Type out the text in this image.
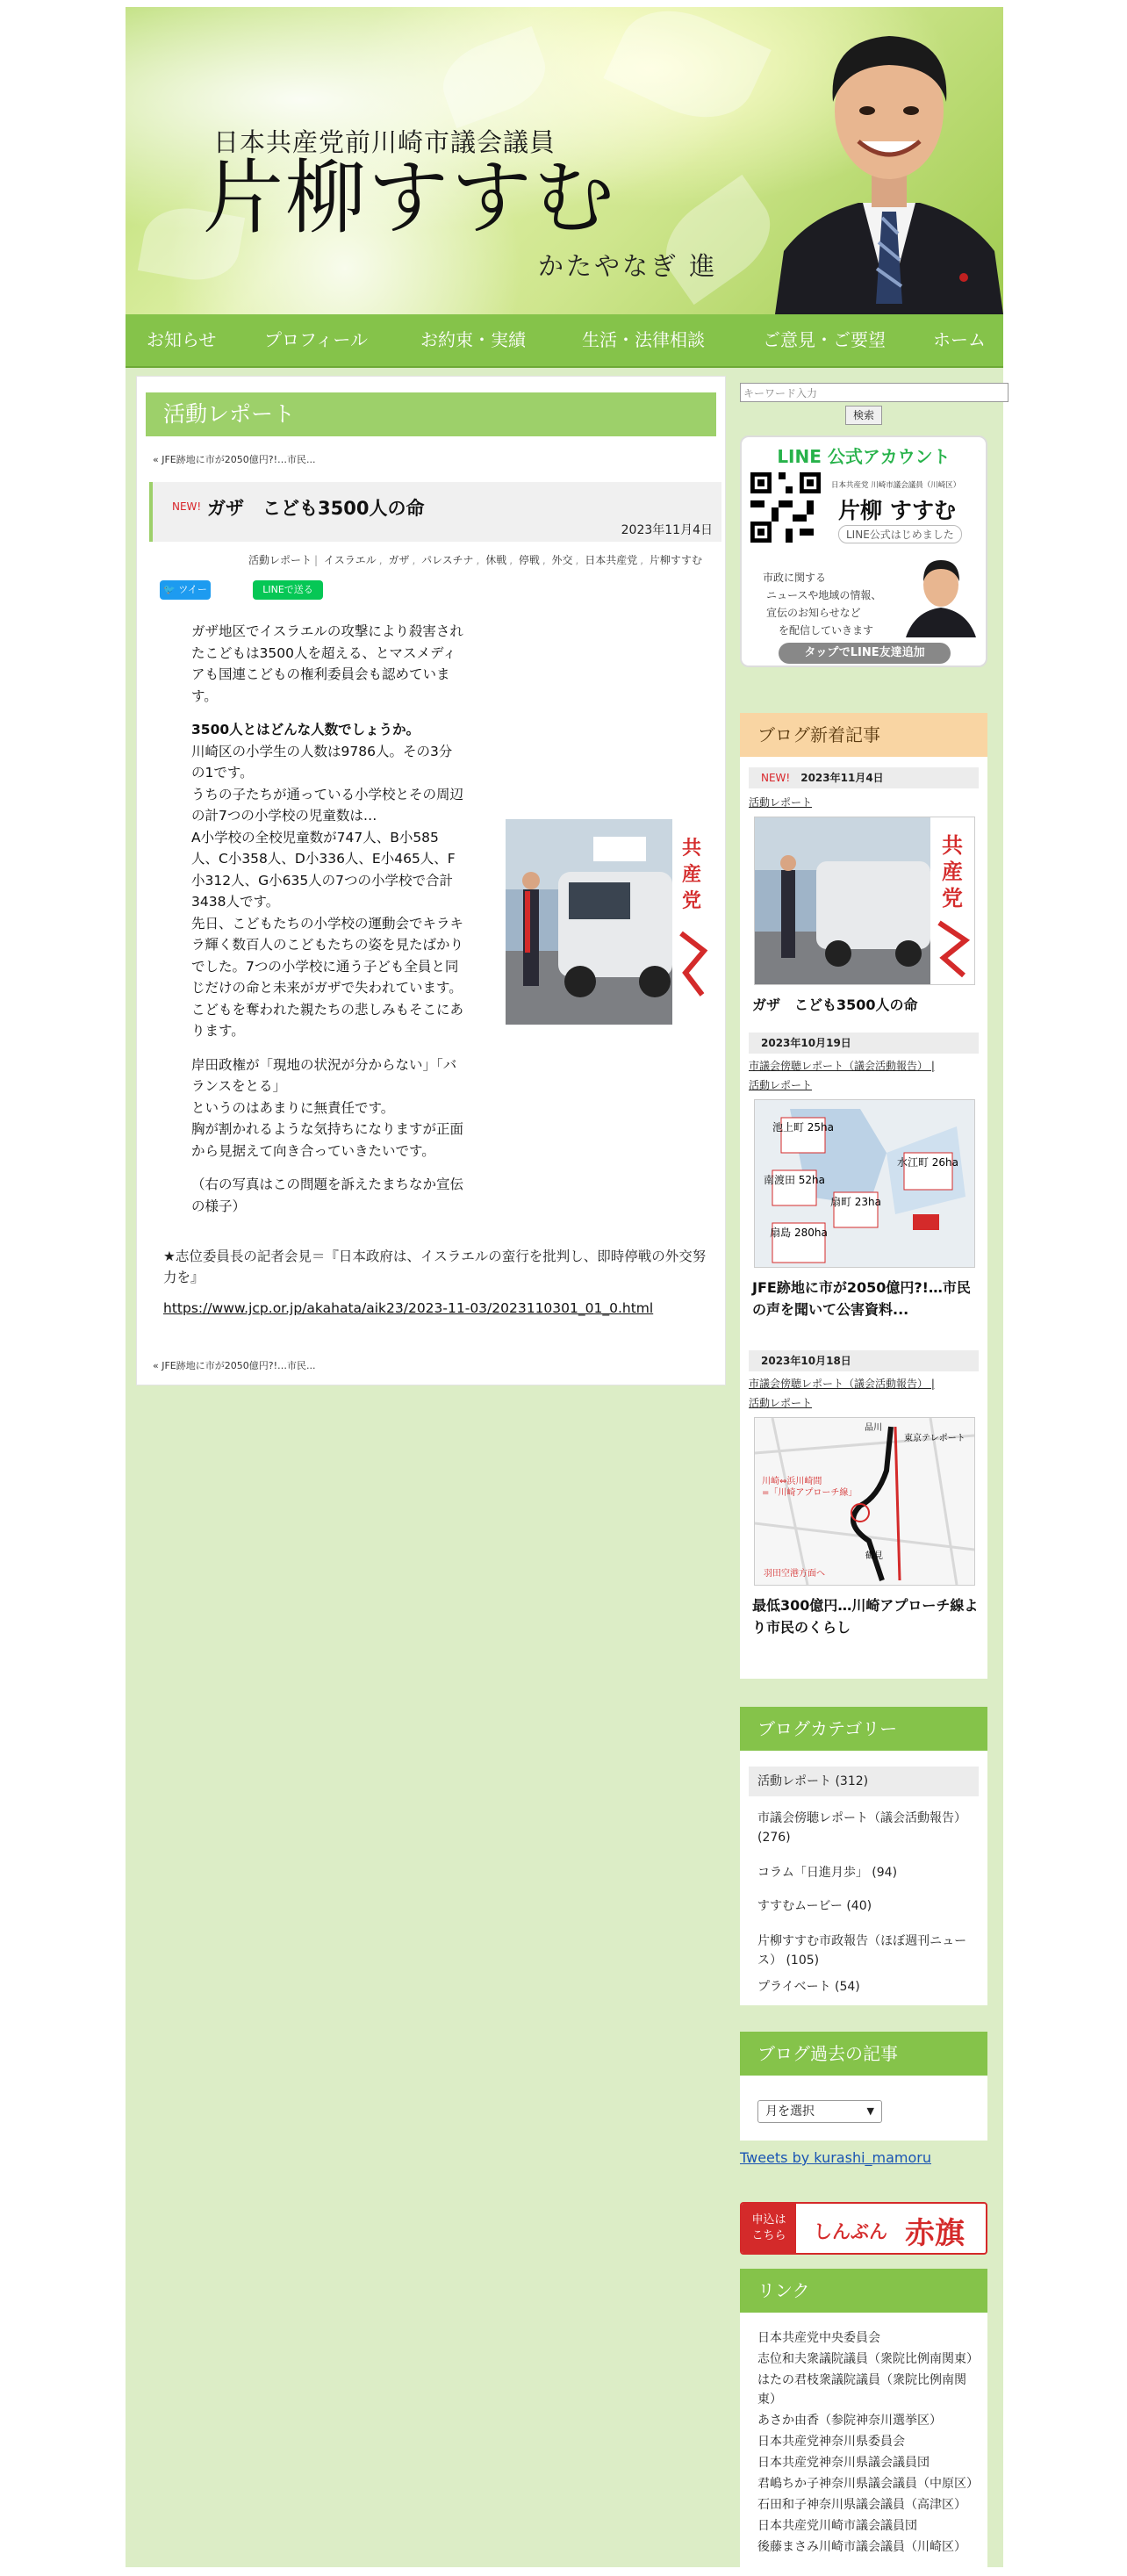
日本共産党前川崎市議会議員
片柳すすむ
かたやなぎ 進
お知らせ	プロフィール	お約束・実績	生活・法律相談	ご意見・ご要望	ホーム
活動レポート
« JFE跡地に市が2050億円?!…市民...
NEW! ガザ　こども3500人の命
2023年11月4日
活動レポート | イスラエル , ガザ , パレスチナ , 休戦 , 停戦 , 外交 , 日本共産党 , 片柳すすむ
🐦 ツイート
LINEで送る

ガザ地区でイスラエルの攻撃により殺害されたこどもは3500人を超える、とマスメディアも国連こどもの権利委員会も認めています。

3500人とはどんな人数でしょうか。

川崎区の小学生の人数は9786人。その3分の1です。

うちの子たちが通っている小学校とその周辺の計7つの小学校の児童数は…

A小学校の全校児童数が747人、B小585人、C小358人、D小336人、E小465人、F小312人、G小635人の7つの小学校で合計3438人です。

先日、こどもたちの小学校の運動会でキラキラ輝く数百人のこどもたちの姿を見たばかりでした。7つの小学校に通う子ども全員と同じだけの命と未来がガザで失われています。こどもを奪われた親たちの悲しみもそこにあります。

岸田政権が「現地の状況が分からない」「バランスをとる」

というのはあまりに無責任です。

胸が割かれるような気持ちになりますが正面から見据えて向き合っていきたいです。

（右の写真はこの問題を訴えたまちなか宣伝の様子）

共
産
党
★志位委員長の記者会見＝『日本政府は、イスラエルの蛮行を批判し、即時停戦の外交努力を』
https://www.jcp.or.jp/akahata/aik23/2023-11-03/2023110301_01_0.html
« JFE跡地に市が2050億円?!…市民...
キーワード入力
検索
LINE 公式アカウント
日本共産党 川崎市議会議員（川崎区）
片柳 すすむ
LINE公式はじめました
市政に関する
ニュースや地域の情報、
宣伝のお知らせなど
を配信していきます
タップでLINE友達追加
ブログ新着記事
NEW! 2023年11月4日
活動レポート
共
産
党
ガザ　こども3500人の命
2023年10月19日
市議会傍聴レポート（議会活動報告） |
活動レポート
池上町 25ha
南渡田 52ha
水江町 26ha
扇町 23ha
扇島 280ha
JFE跡地に市が2050億円?!…市民の声を聞いて公害資料...
2023年10月18日
市議会傍聴レポート（議会活動報告） |
活動レポート
川崎⇔浜川崎間
=「川崎アプローチ線」
羽田空港方面へ
鶴見
品川
東京テレポート
最低300億円…川崎アプローチ線より市民のくらし
ブログカテゴリー
活動レポート (312)
市議会傍聴レポート（議会活動報告） (276)
コラム「日進月歩」 (94)
すすむムービー (40)
片柳すすむ市政報告（ほぼ週刊ニュース） (105)
プライベート (54)
ブログ過去の記事
月を選択	▼
Tweets by kurashi_mamoru
申込は
こちら	しんぶん 赤旗
リンク
日本共産党中央委員会
志位和夫衆議院議員（衆院比例南関東）
はたの君枝衆議院議員（衆院比例南関東）
あさか由香（参院神奈川選挙区）
日本共産党神奈川県委員会
日本共産党神奈川県議会議員団
君嶋ちか子神奈川県議会議員（中原区）
石田和子神奈川県議会議員（高津区）
日本共産党川崎市議会議員団
後藤まさみ川崎市議会議員（川崎区）
